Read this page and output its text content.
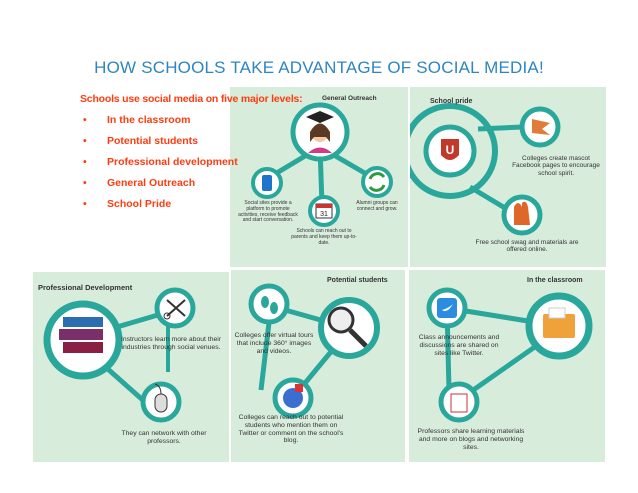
HOW SCHOOLS TAKE ADVANTAGE OF SOCIAL MEDIA!
31
General Outreach
Social sites provide a platform to promote activities, receive feedback and start conversation.
Schools can reach out to parents and keep them up-to-date.
Alumni groups can connect and grow.
U
School pride
Colleges create mascot Facebook pages to encourage school spirit.
Free school swag and materials are offered online.
Professional Development
Instructors learn more about their industries through social venues.
They can network with other professors.
Potential students
Colleges offer virtual tours that include 360° images and videos.
Colleges can reach out to potential students who mention them on Twitter or comment on the school's blog.
In the classroom
Class announcements and discussions are shared on sites like Twitter.
Professors share learning materials and more on blogs and networking sites.
Schools use social media on five major levels:
• In the classroom
• Potential students
• Professional development
• General Outreach
• School Pride
